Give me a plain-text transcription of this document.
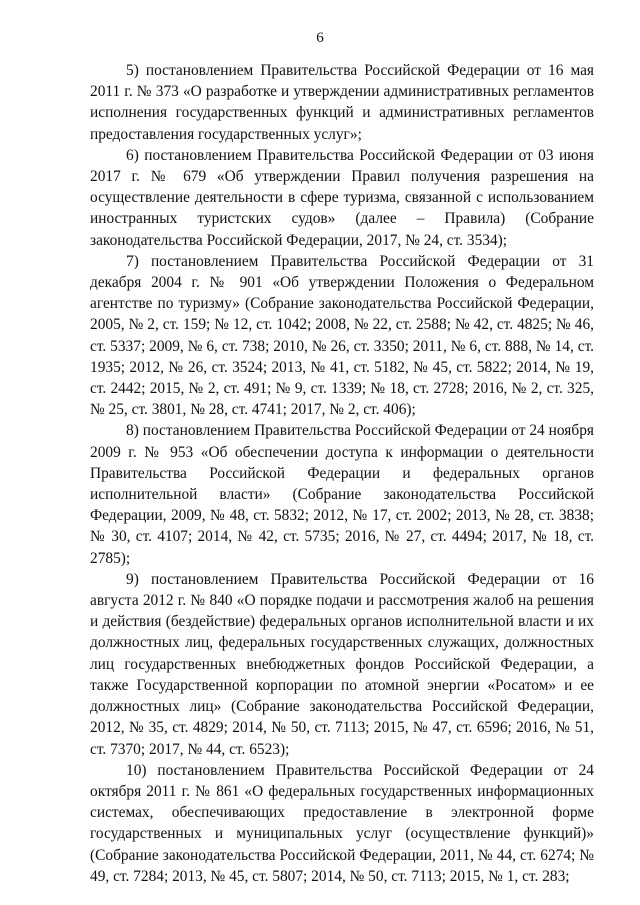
6

5) постановлением Правительства Российской Федерации от 16 мая 2011 г. № 373 «О разработке и утверждении административных регламентов исполнения государственных функций и административных регламентов предоставления государственных услуг»;

6) постановлением Правительства Российской Федерации от 03 июня 2017 г. № 679 «Об утверждении Правил получения разрешения на осуществление деятельности в сфере туризма, связанной с использованием иностранных туристских судов» (далее – Правила) (Собрание законодательства Российской Федерации, 2017, № 24, ст. 3534);

7) постановлением Правительства Российской Федерации от 31 декабря 2004 г. № 901 «Об утверждении Положения о Федеральном агентстве по туризму» (Собрание законодательства Российской Федерации, 2005, № 2, ст. 159; № 12, ст. 1042; 2008, № 22, ст. 2588; № 42, ст. 4825; № 46, ст. 5337; 2009, № 6, ст. 738; 2010, № 26, ст. 3350; 2011, № 6, ст. 888, № 14, ст. 1935; 2012, № 26, ст. 3524; 2013, № 41, ст. 5182, № 45, ст. 5822; 2014, № 19, ст. 2442; 2015, № 2, ст. 491; № 9, ст. 1339; № 18, ст. 2728; 2016, № 2, ст. 325, № 25, ст. 3801, № 28, ст. 4741; 2017, № 2, ст. 406);

8) постановлением Правительства Российской Федерации от 24 ноября 2009 г. № 953 «Об обеспечении доступа к информации о деятельности Правительства Российской Федерации и федеральных органов исполнительной власти» (Собрание законодательства Российской Федерации, 2009, № 48, ст. 5832; 2012, № 17, ст. 2002; 2013, № 28, ст. 3838; № 30, ст. 4107; 2014, № 42, ст. 5735; 2016, № 27, ст. 4494; 2017, № 18, ст. 2785);

9) постановлением Правительства Российской Федерации от 16 августа 2012 г. № 840 «О порядке подачи и рассмотрения жалоб на решения и действия (бездействие) федеральных органов исполнительной власти и их должностных лиц, федеральных государственных служащих, должностных лиц государственных внебюджетных фондов Российской Федерации, а также Государственной корпорации по атомной энергии «Росатом» и ее должностных лиц» (Собрание законодательства Российской Федерации, 2012, № 35, ст. 4829; 2014, № 50, ст. 7113; 2015, № 47, ст. 6596; 2016, № 51, ст. 7370; 2017, № 44, ст. 6523);

10) постановлением Правительства Российской Федерации от 24 октября 2011 г. № 861 «О федеральных государственных информационных системах, обеспечивающих предоставление в электронной форме государственных и муниципальных услуг (осуществление функций)» (Собрание законодательства Российской Федерации, 2011, № 44, ст. 6274; № 49, ст. 7284; 2013, № 45, ст. 5807; 2014, № 50, ст. 7113; 2015, № 1, ст. 283;
